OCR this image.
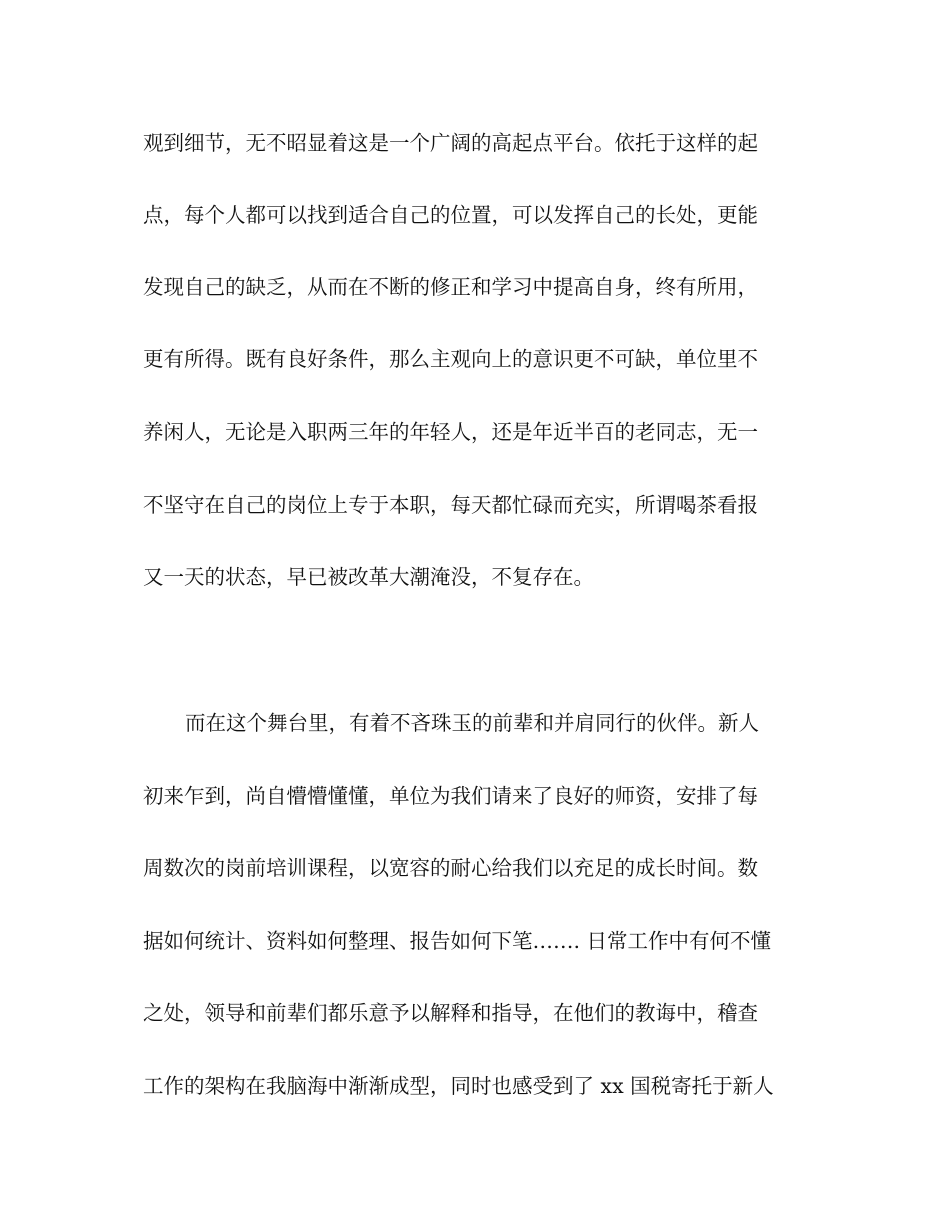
观到细节，无不昭显着这是一个广阔的高起点平台。依托于这样的起
点，每个人都可以找到适合自己的位置，可以发挥自己的长处，更能
发现自己的缺乏，从而在不断的修正和学习中提高自身，终有所用，
更有所得。既有良好条件，那么主观向上的意识更不可缺，单位里不
养闲人，无论是入职两三年的年轻人，还是年近半百的老同志，无一
不坚守在自己的岗位上专于本职，每天都忙碌而充实，所谓喝茶看报
又一天的状态，早已被改革大潮淹没，不复存在。
而在这个舞台里，有着不吝珠玉的前辈和并肩同行的伙伴。新人
初来乍到，尚自懵懵懂懂，单位为我们请来了良好的师资，安排了每
周数次的岗前培训课程，以宽容的耐心给我们以充足的成长时间。数
据如何统计、资料如何整理、报告如何下笔……. 日常工作中有何不懂
之处，领导和前辈们都乐意予以解释和指导，在他们的教诲中，稽查
工作的架构在我脑海中渐渐成型，同时也感受到了 xx 国税寄托于新人
